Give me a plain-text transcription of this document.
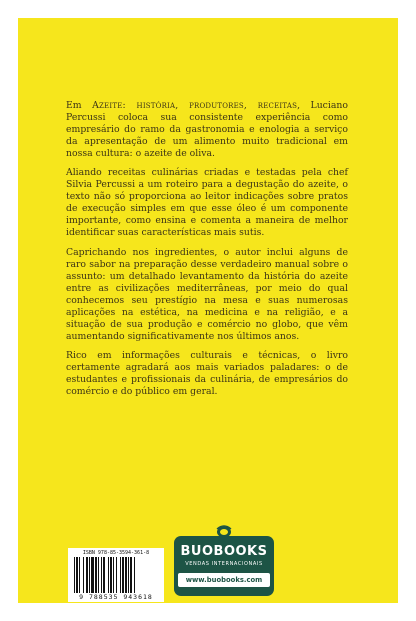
Em Azeite: história, produtores, receitas, Luciano Percussi coloca sua consistente experiência como empresário do ramo da gastronomia e enologia a serviço da apresentação de um alimento muito tradicional em nossa cultura: o azeite de oliva.

Aliando receitas culinárias criadas e testadas pela chef Silvia Percussi a um roteiro para a degustação do azeite, o texto não só proporciona ao leitor indicações sobre pratos de execução simples em que esse óleo é um componente importante, como ensina e comenta a maneira de melhor identificar suas características mais sutis.

Caprichando nos ingredientes, o autor inclui alguns de raro sabor na preparação desse verdadeiro manual sobre o assunto: um detalhado levantamento da história do azeite entre as civilizações mediterrâneas, por meio do qual conhecemos seu prestígio na mesa e suas numerosas aplicações na estética, na medicina e na religião, e a situação de sua produção e comércio no globo, que vêm aumentando significativamente nos últimos anos.

Rico em informações culturais e técnicas, o livro certamente agradará aos mais variados paladares: o de estudantes e profissionais da culinária, de empresários do comércio e do público em geral.

ISBN 978-85-3594-361-8
9 788535 943618
BUOBOOKS
VENDAS INTERNACIONAIS
www.buobooks.com
